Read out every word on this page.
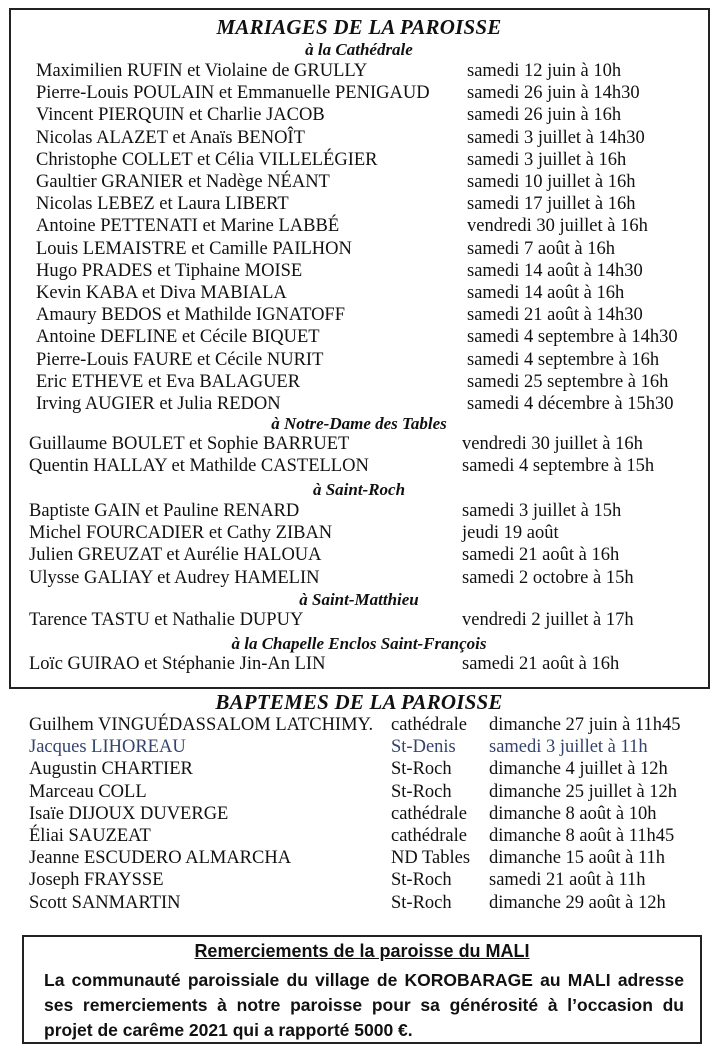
MARIAGES DE LA PAROISSE
à la Cathédrale
Maximilien RUFIN et Violaine de GRULLY	samedi 12 juin à 10h
Pierre-Louis POULAIN et Emmanuelle PENIGAUD samedi 26 juin à 14h30
Vincent PIERQUIN et Charlie JACOB	samedi 26 juin à 16h
Nicolas ALAZET et Anaïs BENOÎT	samedi 3 juillet à 14h30
Christophe COLLET et Célia VILLELÉGIER	samedi 3 juillet à 16h
Gaultier GRANIER et Nadège NÉANT	samedi 10 juillet à 16h
Nicolas LEBEZ et Laura LIBERT	samedi 17 juillet à 16h
Antoine PETTENATI et Marine LABBÉ	vendredi 30 juillet à 16h
Louis LEMAISTRE et Camille PAILHON	samedi 7 août à 16h
Hugo PRADES et Tiphaine MOISE	samedi 14 août à 14h30
Kevin KABA et Diva MABIALA	samedi 14 août à 16h
Amaury BEDOS et Mathilde IGNATOFF	samedi 21 août à 14h30
Antoine DEFLINE et Cécile BIQUET	samedi 4 septembre à 14h30
Pierre-Louis FAURE et Cécile NURIT	samedi 4 septembre à 16h
Eric ETHEVE et Eva BALAGUER	samedi 25 septembre à 16h
Irving AUGIER et Julia REDON	samedi 4 décembre à 15h30
à Notre-Dame des Tables
Guillaume BOULET et Sophie BARRUET	vendredi 30 juillet à 16h
Quentin HALLAY et Mathilde CASTELLON	samedi 4 septembre à 15h
à Saint-Roch
Baptiste GAIN et Pauline RENARD	samedi 3 juillet à 15h
Michel FOURCADIER et Cathy ZIBAN	jeudi 19 août
Julien GREUZAT et Aurélie HALOUA	samedi 21 août à 16h
Ulysse GALIAY et Audrey HAMELIN	samedi 2 octobre à 15h
à Saint-Matthieu
Tarence TASTU et Nathalie DUPUY	vendredi 2 juillet à 17h
à la Chapelle Enclos Saint-François
Loïc GUIRAO et Stéphanie Jin-An LIN	samedi 21 août à 16h
BAPTEMES DE LA PAROISSE
Guilhem VINGUÉDASSALOM LATCHIMY. cathédrale dimanche 27 juin à 11h45
Jacques LIHOREAU	St-Denis samedi 3 juillet à 11h
Augustin CHARTIER	St-Roch dimanche 4 juillet à 12h
Marceau COLL	St-Roch dimanche 25 juillet à 12h
Isaïe DIJOUX DUVERGE	cathédrale dimanche 8 août à 10h
Éliai SAUZEAT	cathédrale dimanche 8 août à 11h45
Jeanne ESCUDERO ALMARCHA	ND Tables dimanche 15 août à 11h
Joseph FRAYSSE	St-Roch samedi 21 août à 11h
Scott SANMARTIN	St-Roch dimanche 29 août à 12h
Remerciements de la paroisse du MALI
La communauté paroissiale du village de KOROBARAGE au MALI adresse ses remerciements à notre paroisse pour sa générosité à l’occasion du projet de carême 2021 qui a rapporté 5000 €.
